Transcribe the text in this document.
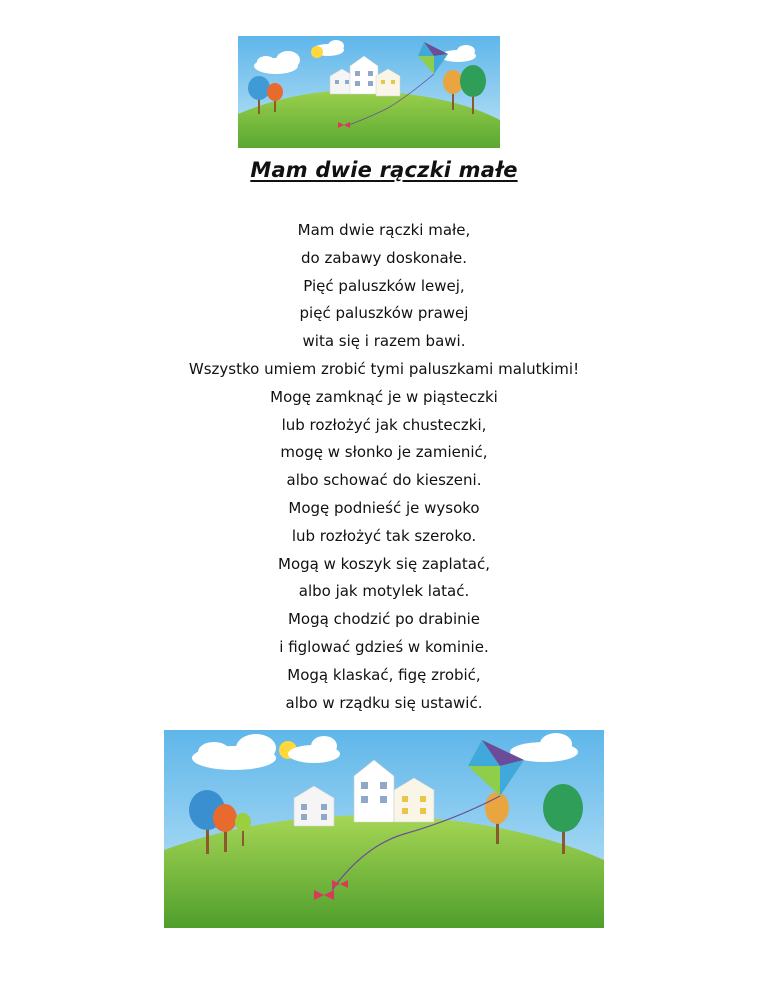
Mam dwie rączki małe
Mam dwie rączki małe,
do zabawy doskonałe.
Pięć paluszków lewej,
pięć paluszków prawej
wita się i razem bawi.
Wszystko umiem zrobić tymi paluszkami malutkimi!
Mogę zamknąć je w piąsteczki
lub rozłożyć jak chusteczki,
mogę w słonko je zamienić,
albo schować do kieszeni.
Mogę podnieść je wysoko
lub rozłożyć tak szeroko.
Mogą w koszyk się zaplatać,
albo jak motylek latać.
Mogą chodzić po drabinie
i figlować gdzieś w kominie.
Mogą klaskać, figę zrobić,
albo w rządku się ustawić.
